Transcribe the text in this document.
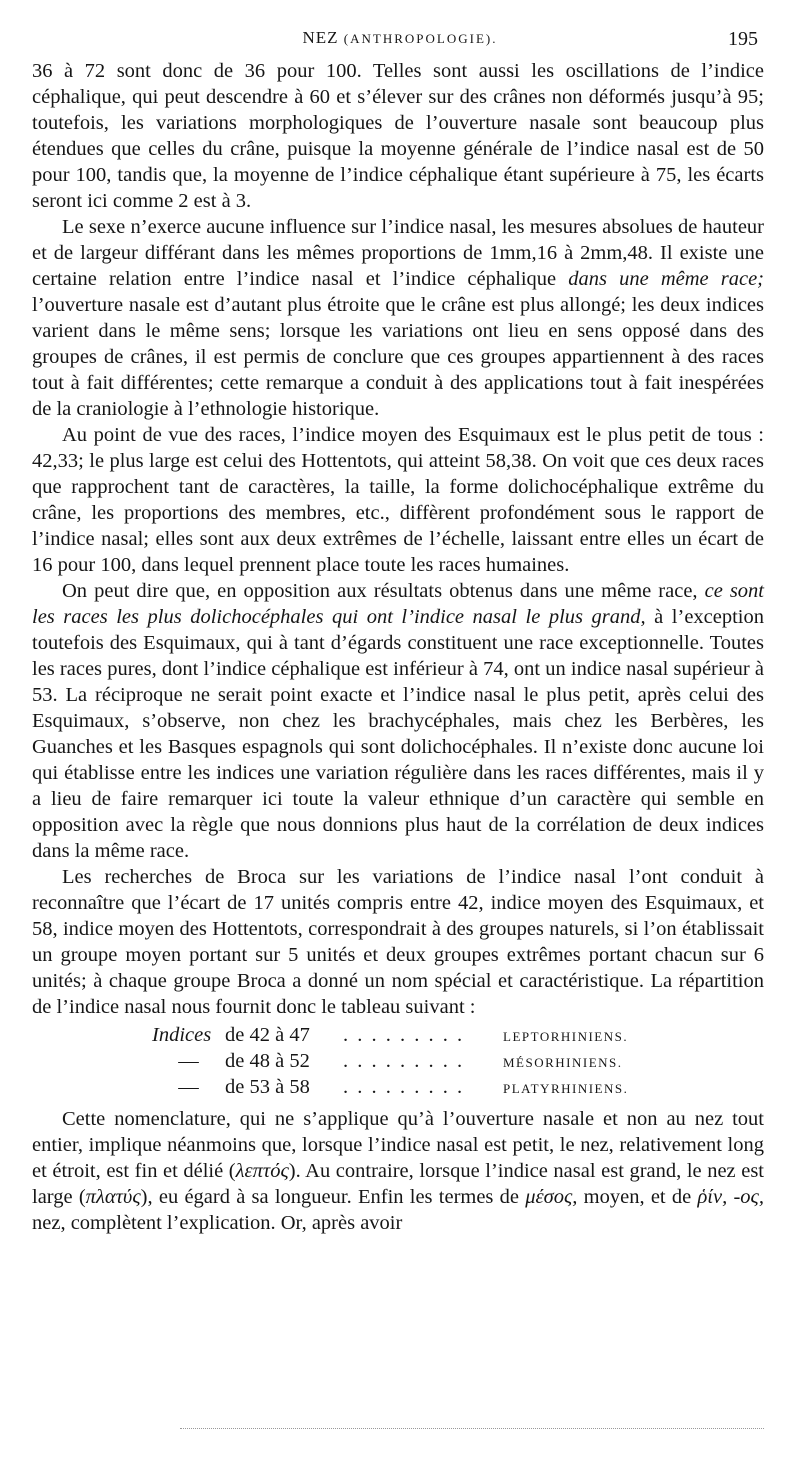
NEZ (ANTHROPOLOGIE).	195

36 à 72 sont donc de 36 pour 100. Telles sont aussi les oscillations de l’indice céphalique, qui peut descendre à 60 et s’élever sur des crânes non déformés jusqu’à 95; toutefois, les variations morphologiques de l’ouverture nasale sont beaucoup plus étendues que celles du crâne, puisque la moyenne générale de l’indice nasal est de 50 pour 100, tandis que, la moyenne de l’indice céphalique étant supérieure à 75, les écarts seront ici comme 2 est à 3.

Le sexe n’exerce aucune influence sur l’indice nasal, les mesures absolues de hauteur et de largeur différant dans les mêmes proportions de 1mm,16 à 2mm,48. Il existe une certaine relation entre l’indice nasal et l’indice céphalique dans une même race; l’ouverture nasale est d’autant plus étroite que le crâne est plus allongé; les deux indices varient dans le même sens; lorsque les variations ont lieu en sens opposé dans des groupes de crânes, il est permis de conclure que ces groupes appartiennent à des races tout à fait différentes; cette remarque a conduit à des applications tout à fait inespérées de la craniologie à l’ethnologie historique.

Au point de vue des races, l’indice moyen des Esquimaux est le plus petit de tous : 42,33; le plus large est celui des Hottentots, qui atteint 58,38. On voit que ces deux races que rapprochent tant de caractères, la taille, la forme dolichocéphalique extrême du crâne, les proportions des membres, etc., diffèrent profondément sous le rapport de l’indice nasal; elles sont aux deux extrêmes de l’échelle, laissant entre elles un écart de 16 pour 100, dans lequel prennent place toute les races humaines.

On peut dire que, en opposition aux résultats obtenus dans une même race, ce sont les races les plus dolichocéphales qui ont l’indice nasal le plus grand, à l’exception toutefois des Esquimaux, qui à tant d’égards constituent une race exceptionnelle. Toutes les races pures, dont l’indice céphalique est inférieur à 74, ont un indice nasal supérieur à 53. La réciproque ne serait point exacte et l’indice nasal le plus petit, après celui des Esquimaux, s’observe, non chez les brachycéphales, mais chez les Berbères, les Guanches et les Basques espagnols qui sont dolichocéphales. Il n’existe donc aucune loi qui établisse entre les indices une variation régulière dans les races différentes, mais il y a lieu de faire remarquer ici toute la valeur ethnique d’un caractère qui semble en opposition avec la règle que nous donnions plus haut de la corrélation de deux indices dans la même race.

Les recherches de Broca sur les variations de l’indice nasal l’ont conduit à reconnaître que l’écart de 17 unités compris entre 42, indice moyen des Esquimaux, et 58, indice moyen des Hottentots, correspondrait à des groupes naturels, si l’on établissait un groupe moyen portant sur 5 unités et deux groupes extrêmes portant chacun sur 6 unités; à chaque groupe Broca a donné un nom spécial et caractéristique. La répartition de l’indice nasal nous fournit donc le tableau suivant :

Indices de 42 à 47	. . . . . . . . .	LEPTORHINIENS.
—	de 48 à 52	. . . . . . . . .	MÉSORHINIENS.
—	de 53 à 58	. . . . . . . . .	PLATYRHINIENS.

Cette nomenclature, qui ne s’applique qu’à l’ouverture nasale et non au nez tout entier, implique néanmoins que, lorsque l’indice nasal est petit, le nez, relativement long et étroit, est fin et délié (λεπτός). Au contraire, lorsque l’indice nasal est grand, le nez est large (πλατύς), eu égard à sa longueur. Enfin les termes de μέσος, moyen, et de ῥίν, -ος, nez, complètent l’explication. Or, après avoir
